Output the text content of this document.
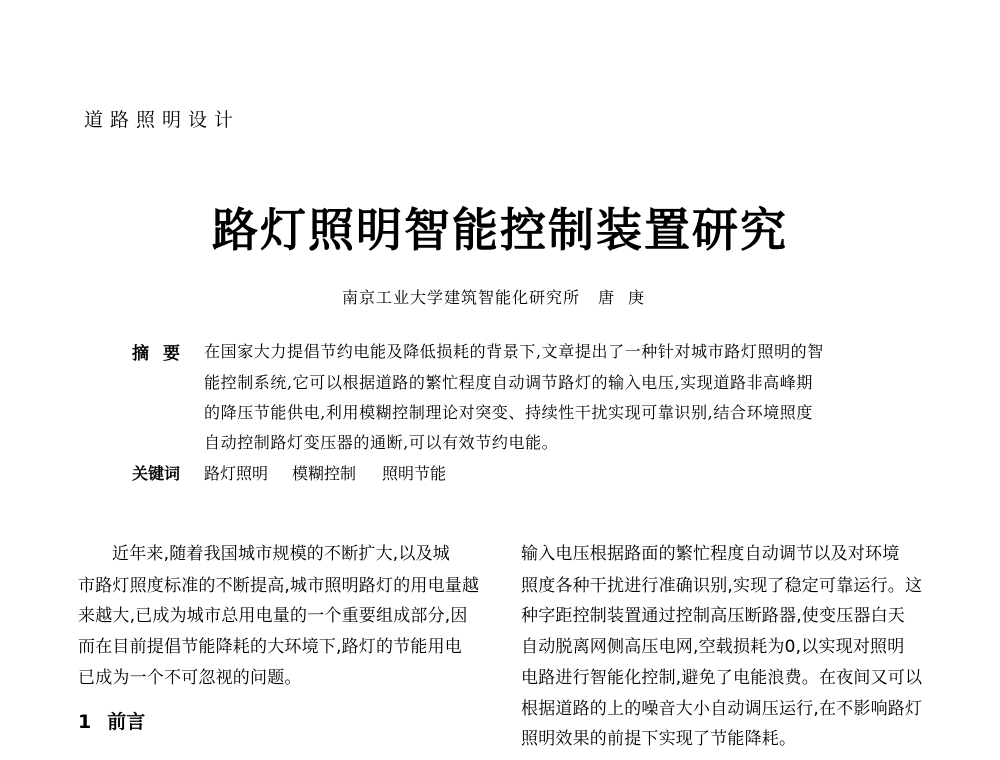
道路照明设计
路灯照明智能控制装置研究
南京工业大学建筑智能化研究所 唐庚
摘要 在国家大力提倡节约电能及降低损耗的背景下,文章提出了一种针对城市路灯照明的智
能控制系统,它可以根据道路的繁忙程度自动调节路灯的输入电压,实现道路非高峰期
的降压节能供电,利用模糊控制理论对突变、持续性干扰实现可靠识别,结合环境照度
自动控制路灯变压器的通断,可以有效节约电能。
关键词 路灯照明 模糊控制 照明节能
近年来,随着我国城市规模的不断扩大,以及城
市路灯照度标准的不断提高,城市照明路灯的用电量越
来越大,已成为城市总用电量的一个重要组成部分,因
而在目前提倡节能降耗的大环境下,路灯的节能用电
已成为一个不可忽视的问题。
1 前言
输入电压根据路面的繁忙程度自动调节以及对环境
照度各种干扰进行准确识别,实现了稳定可靠运行。这
种字距控制装置通过控制高压断路器,使变压器白天
自动脱离网侧高压电网,空载损耗为0,以实现对照明
电路进行智能化控制,避免了电能浪费。在夜间又可以
根据道路的上的噪音大小自动调压运行,在不影响路灯
照明效果的前提下实现了节能降耗。
